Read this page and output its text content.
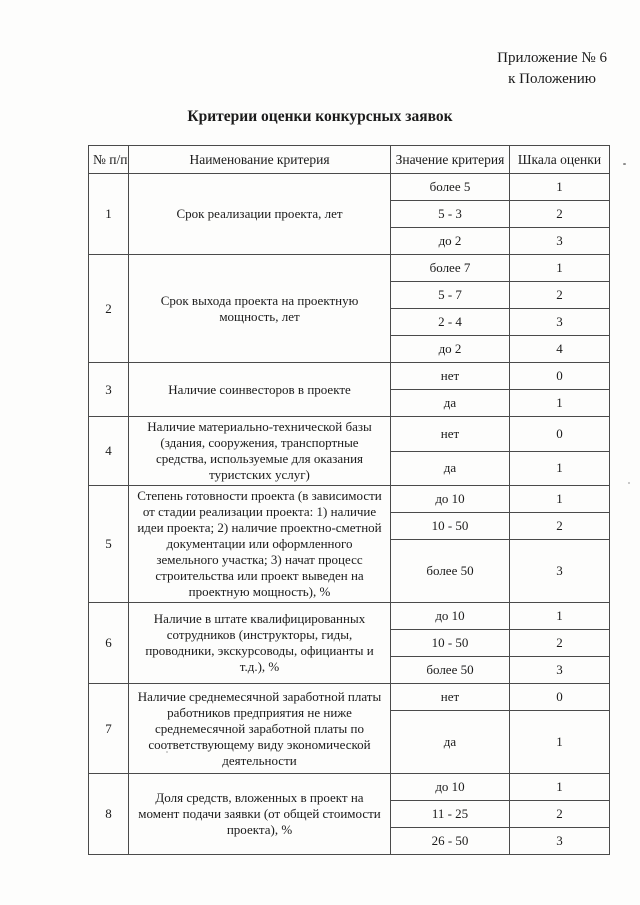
Приложение № 6
к Положению
Критерии оценки конкурсных заявок
№ п/п	Наименование критерия	Значение критерия	Шкала оценки
1	Срок реализации проекта, лет	более 5	1
		5 - 3	2
		до 2	3
2	Срок выхода проекта на проектную мощность, лет	более 7	1
		5 - 7	2
		2 - 4	3
		до 2	4
3	Наличие соинвесторов в проекте	нет	0
		да	1
4	Наличие материально-технической базы (здания, сооружения, транспортные средства, используемые для оказания туристских услуг)	нет	0
		да	1
5	Степень готовности проекта (в зависимости от стадии реализации проекта: 1) наличие идеи проекта; 2) наличие проектно-сметной документации или оформленного земельного участка; 3) начат процесс строительства или проект выведен на проектную мощность), %	до 10	1
		10 - 50	2
		более 50	3
6	Наличие в штате квалифицированных сотрудников (инструкторы, гиды, проводники, экскурсоводы, официанты и т.д.), %	до 10	1
		10 - 50	2
		более 50	3
7	Наличие среднемесячной заработной платы работников предприятия не ниже среднемесячной заработной платы по соответствующему виду экономической деятельности	нет	0
		да	1
8	Доля средств, вложенных в проект на момент подачи заявки (от общей стоимости проекта), %	до 10	1
		11 - 25	2
		26 - 50	3
